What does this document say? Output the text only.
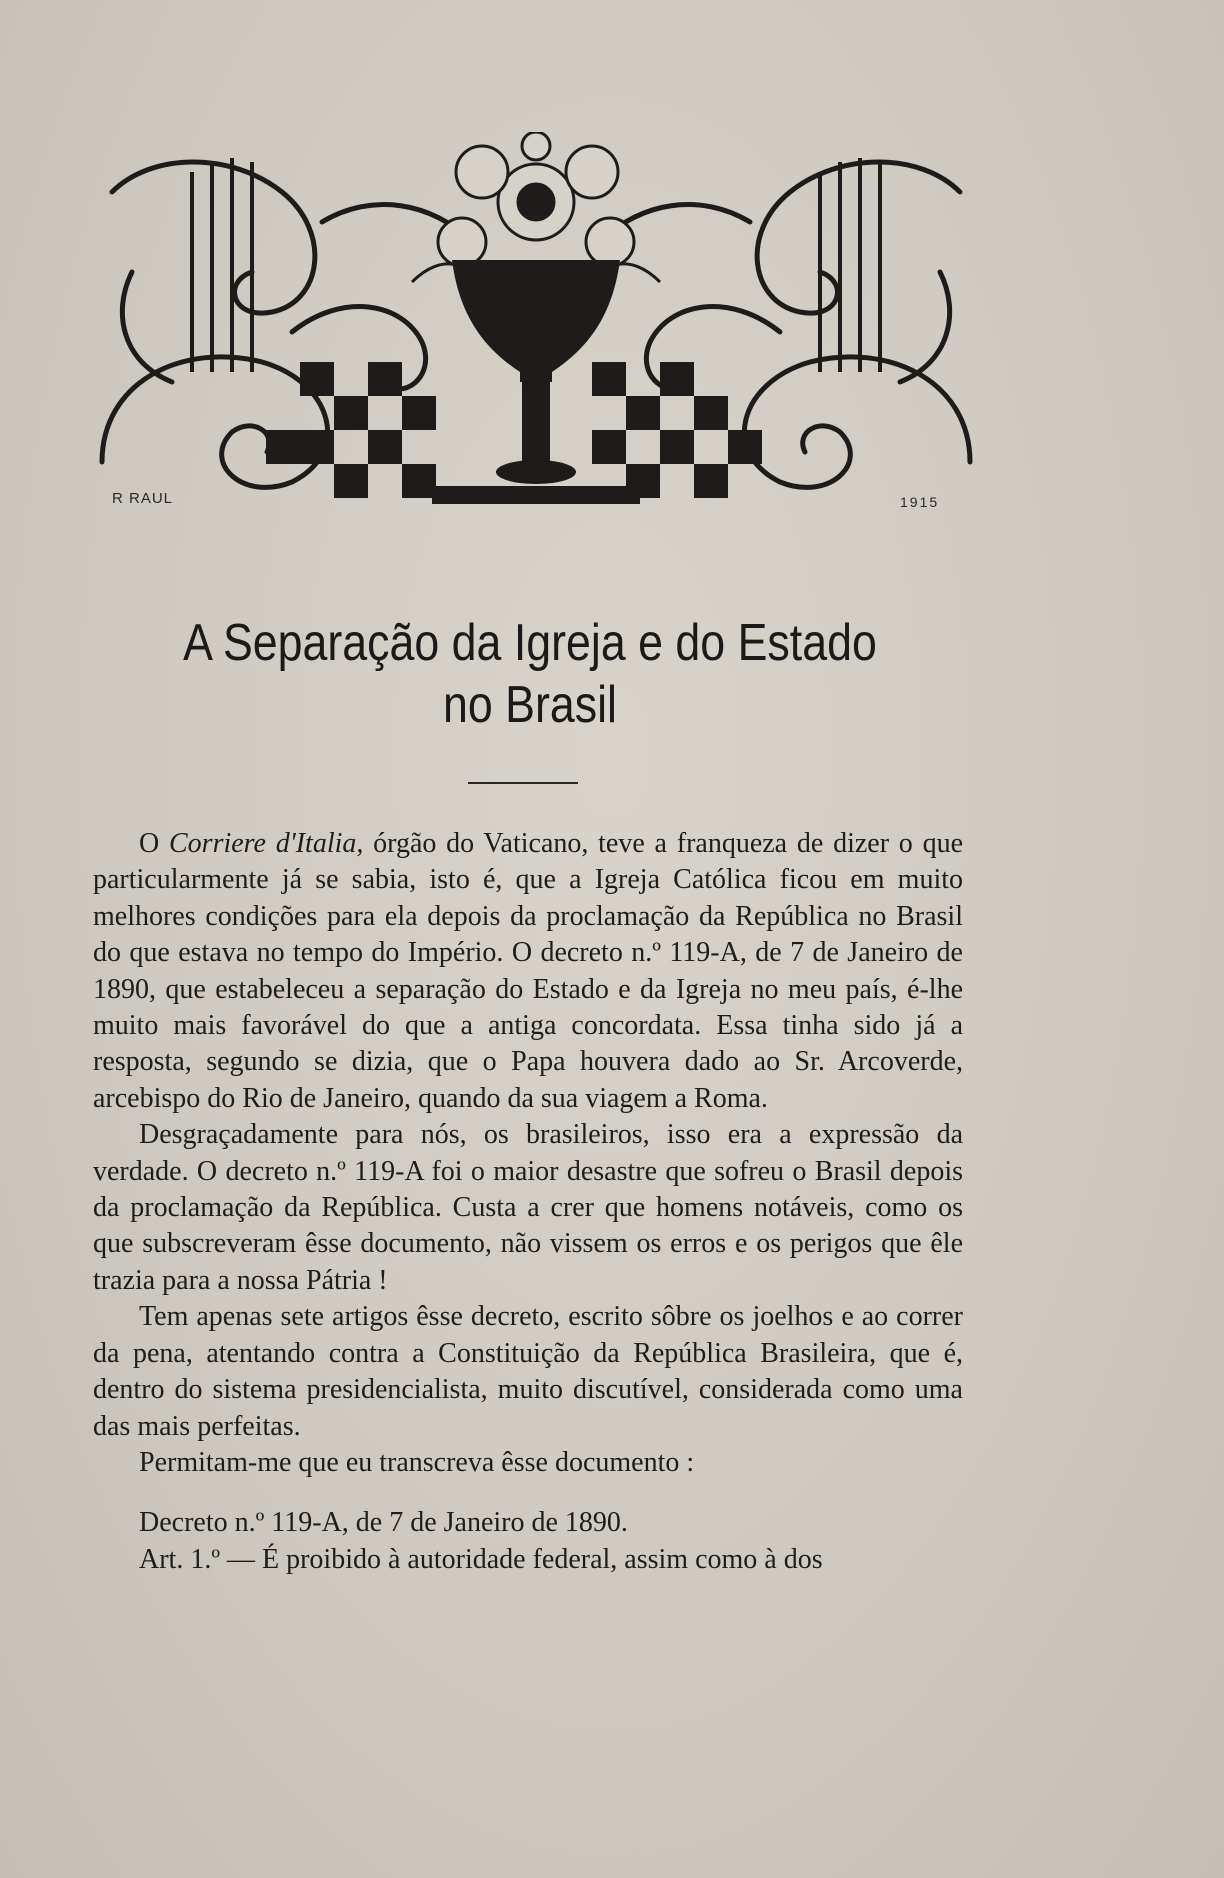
R RAUL	1915
A Separação da Igreja e do Estado
no Brasil

O Corriere d'Italia, órgão do Vaticano, teve a franqueza de dizer o que particularmente já se sabia, isto é, que a Igreja Católica ficou em muito melhores condições para ela depois da proclamação da República no Brasil do que estava no tempo do Império. O decreto n.º 119-A, de 7 de Janeiro de 1890, que estabeleceu a separação do Estado e da Igreja no meu país, é-lhe muito mais favorável do que a antiga concordata. Essa tinha sido já a resposta, segundo se dizia, que o Papa houvera dado ao Sr. Arcoverde, arcebispo do Rio de Janeiro, quando da sua viagem a Roma.

Desgraçadamente para nós, os brasileiros, isso era a expressão da verdade. O decreto n.º 119-A foi o maior desastre que sofreu o Brasil depois da proclamação da República. Custa a crer que homens notáveis, como os que subscreveram êsse documento, não vissem os erros e os perigos que êle trazia para a nossa Pátria !

Tem apenas sete artigos êsse decreto, escrito sôbre os joelhos e ao correr da pena, atentando contra a Constituição da República Brasileira, que é, dentro do sistema presidencialista, muito discutível, considerada como uma das mais perfeitas.

Permitam-me que eu transcreva êsse documento :

Decreto n.º 119-A, de 7 de Janeiro de 1890.

Art. 1.º — É proibido à autoridade federal, assim como à dos
